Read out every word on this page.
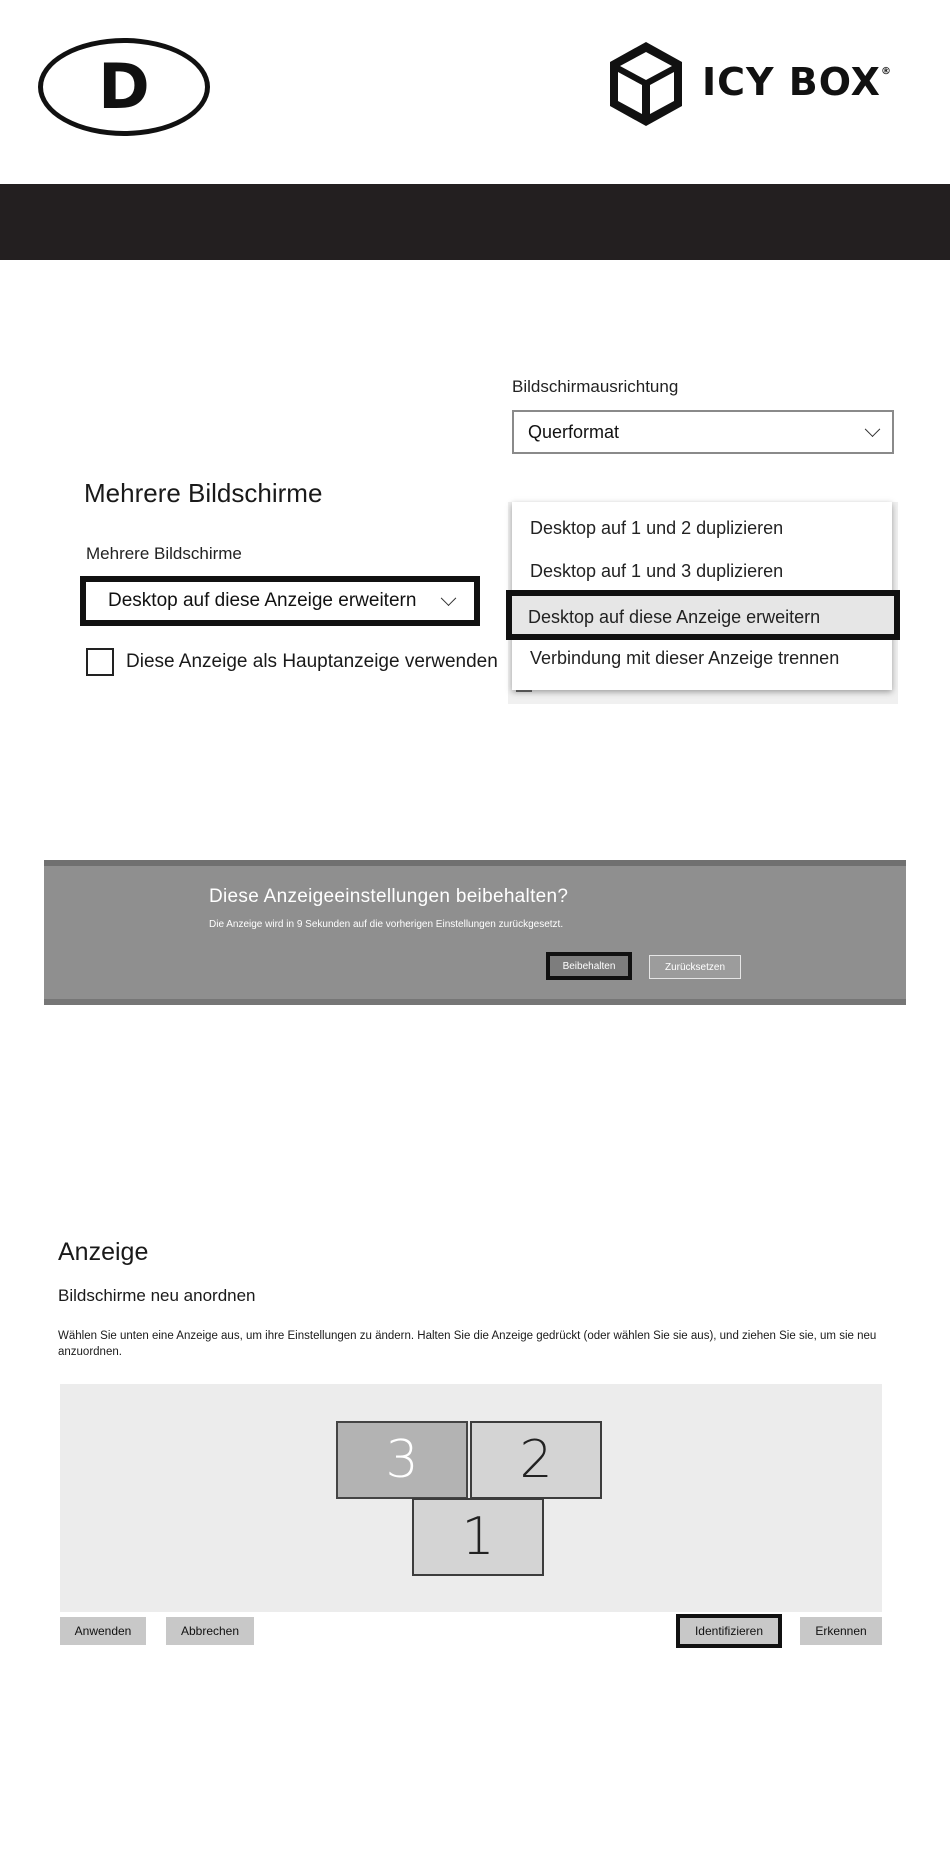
D	ICY BOX®
Bildschirmausrichtung
Querformat
Mehrere Bildschirme
Mehrere Bildschirme
Desktop auf diese Anzeige erweitern
Diese Anzeige als Hauptanzeige verwenden
Desktop auf 1 und 2 duplizieren
Desktop auf 1 und 3 duplizieren
Verbindung mit dieser Anzeige trennen
Desktop auf diese Anzeige erweitern
Diese Anzeigeeinstellungen beibehalten?
Die Anzeige wird in 9 Sekunden auf die vorherigen Einstellungen zurückgesetzt.
Beibehalten	Zurücksetzen
Anzeige
Bildschirme neu anordnen
Wählen Sie unten eine Anzeige aus, um ihre Einstellungen zu ändern. Halten Sie die Anzeige gedrückt (oder wählen Sie sie aus), und ziehen Sie sie, um sie neu anzuordnen.
3	2
1
Anwenden	Abbrechen	Identifizieren	Erkennen
